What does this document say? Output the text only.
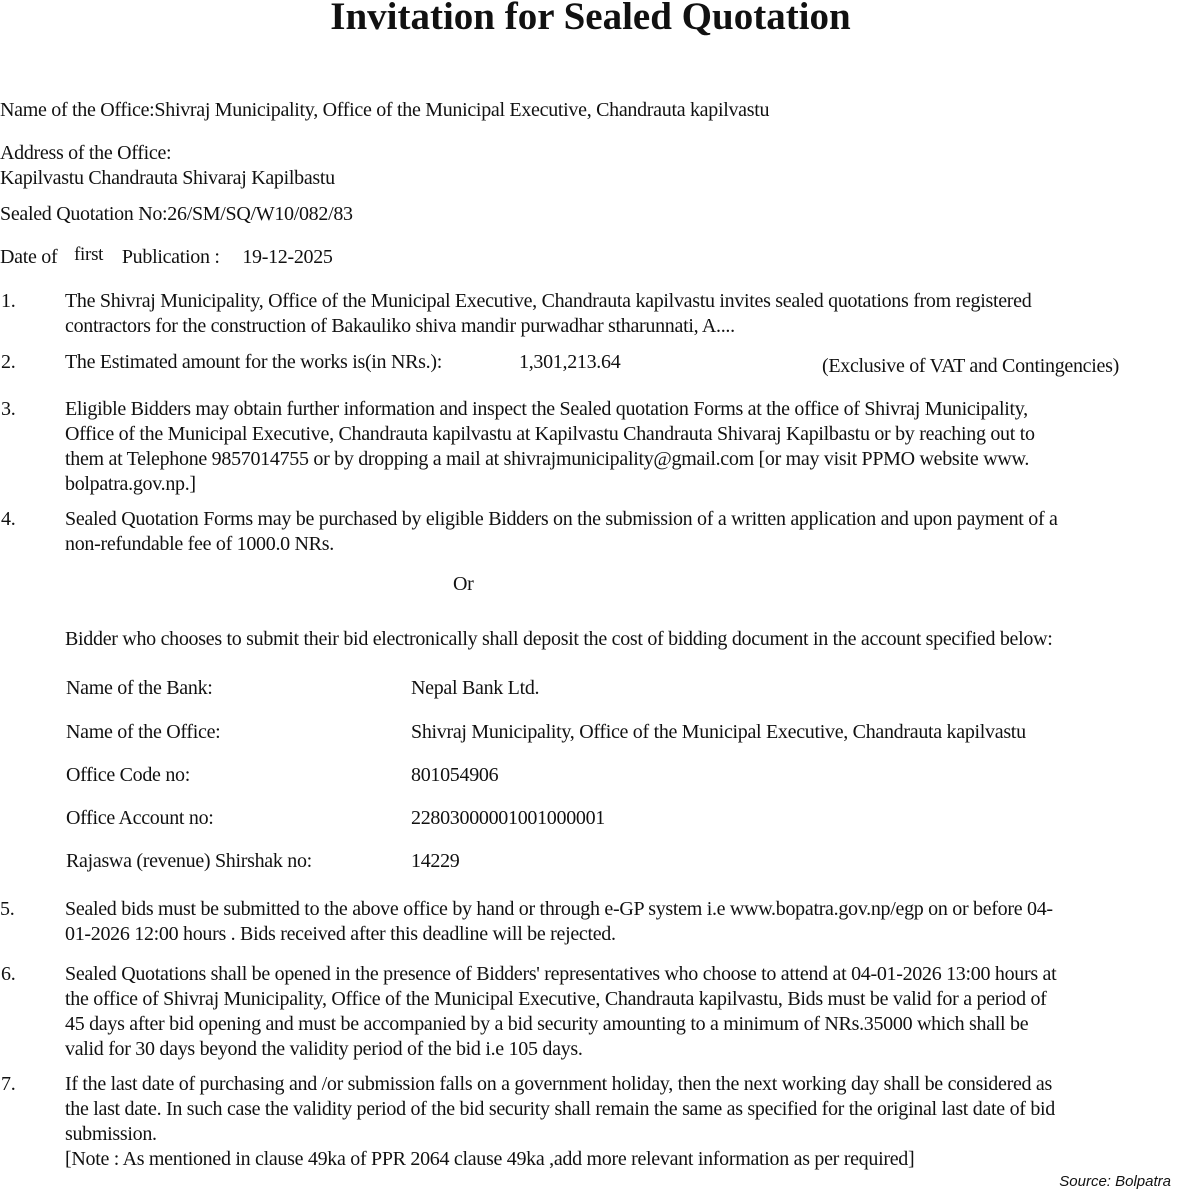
Invitation for Sealed Quotation
Name of the Office:Shivraj Municipality, Office of the Municipal Executive, Chandrauta kapilvastu
Address of the Office:
Kapilvastu Chandrauta Shivaraj Kapilbastu
Sealed Quotation No:26/SM/SQ/W10/082/83
Date of first Publication : 19-12-2025
1. The Shivraj Municipality, Office of the Municipal Executive, Chandrauta kapilvastu invites sealed quotations from registered
contractors for the construction of Bakauliko shiva mandir purwadhar stharunnati, A....
2. The Estimated amount for the works is(in NRs.):	1,301,213.64	(Exclusive of VAT and Contingencies)
3. Eligible Bidders may obtain further information and inspect the Sealed quotation Forms at the office of Shivraj Municipality,
Office of the Municipal Executive, Chandrauta kapilvastu at Kapilvastu Chandrauta Shivaraj Kapilbastu or by reaching out to
them at Telephone 9857014755 or by dropping a mail at shivrajmunicipality@gmail.com [or may visit PPMO website www.
bolpatra.gov.np.]
4. Sealed Quotation Forms may be purchased by eligible Bidders on the submission of a written application and upon payment of a
non-refundable fee of 1000.0 NRs.
Or
Bidder who chooses to submit their bid electronically shall deposit the cost of bidding document in the account specified below:
Name of the Bank:	Nepal Bank Ltd.
Name of the Office:	Shivraj Municipality, Office of the Municipal Executive, Chandrauta kapilvastu
Office Code no:	801054906
Office Account no:	22803000001001000001
Rajaswa (revenue) Shirshak no:	14229
5.	Sealed bids must be submitted to the above office by hand or through e-GP system i.e www.bopatra.gov.np/egp on or before 04-
01-2026 12:00 hours . Bids received after this deadline will be rejected.
6. Sealed Quotations shall be opened in the presence of Bidders' representatives who choose to attend at 04-01-2026 13:00 hours at
the office of Shivraj Municipality, Office of the Municipal Executive, Chandrauta kapilvastu, Bids must be valid for a period of
45 days after bid opening and must be accompanied by a bid security amounting to a minimum of NRs.35000 which shall be
valid for 30 days beyond the validity period of the bid i.e 105 days.
7. If the last date of purchasing and /or submission falls on a government holiday, then the next working day shall be considered as
the last date. In such case the validity period of the bid security shall remain the same as specified for the original last date of bid
submission.
[Note : As mentioned in clause 49ka of PPR 2064 clause 49ka ,add more relevant information as per required]
Source: Bolpatra
